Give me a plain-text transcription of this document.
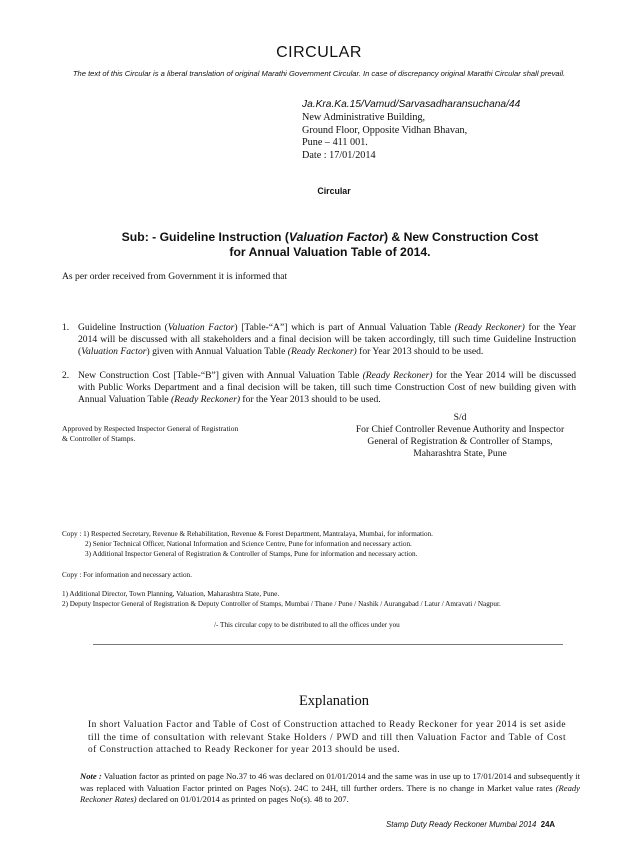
CIRCULAR
The text of this Circular is a liberal translation of original Marathi Government Circular. In case of discrepancy original Marathi Circular shall prevail.
Ja.Kra.Ka.15/Vamud/Sarvasadharansuchana/44
New Administrative Building,
Ground Floor, Opposite Vidhan Bhavan,
Pune – 411 001.
Date : 17/01/2014
Circular
Sub: - Guideline Instruction (Valuation Factor) & New Construction Cost
for Annual Valuation Table of 2014.
As per order received from Government it is informed that
1. Guideline Instruction (Valuation Factor) [Table-“A”] which is part of Annual Valuation Table (Ready Reckoner) for the Year 2014 will be discussed with all stakeholders and a final decision will be taken accordingly, till such time Guideline Instruction (Valuation Factor) given with Annual Valuation Table (Ready Reckoner) for Year 2013 should to be used.
2. New Construction Cost [Table-“B”] given with Annual Valuation Table (Ready Reckoner) for the Year 2014 will be discussed with Public Works Department and a final decision will be taken, till such time Construction Cost of new building given with Annual Valuation Table (Ready Reckoner) for the Year 2013 should to be used.
Approved by Respected Inspector General of Registration
& Controller of Stamps.
S/d
For Chief Controller Revenue Authority and Inspector
General of Registration & Controller of Stamps,
Maharashtra State, Pune
Copy : 1) Respected Secretary, Revenue & Rehabilitation, Revenue & Forest Department, Mantralaya, Mumbai, for information.
2) Senior Technical Officer, National Information and Science Centre, Pune for information and necessary action.
3) Additional Inspector General of Registration & Controller of Stamps, Pune for information and necessary action.
Copy : For information and necessary action.
1) Additional Director, Town Planning, Valuation, Maharashtra State, Pune.
2) Deputy Inspector General of Registration & Deputy Controller of Stamps, Mumbai / Thane / Pune / Nashik / Aurangabad / Latur / Amravati / Nagpur.
/- This circular copy to be distributed to all the offices under you
Explanation
In short Valuation Factor and Table of Cost of Construction attached to Ready Reckoner for year 2014 is set aside till the time of consultation with relevant Stake Holders / PWD and till then Valuation Factor and Table of Cost of Construction attached to Ready Reckoner for year 2013 should be used.
Note : Valuation factor as printed on page No.37 to 46 was declared on 01/01/2014 and the same was in use up to 17/01/2014 and subsequently it was replaced with Valuation Factor printed on Pages No(s). 24C to 24H, till further orders. There is no change in Market value rates (Ready Reckoner Rates) declared on 01/01/2014 as printed on pages No(s). 48 to 207.
Stamp Duty Ready Reckoner Mumbai 2014 24A
